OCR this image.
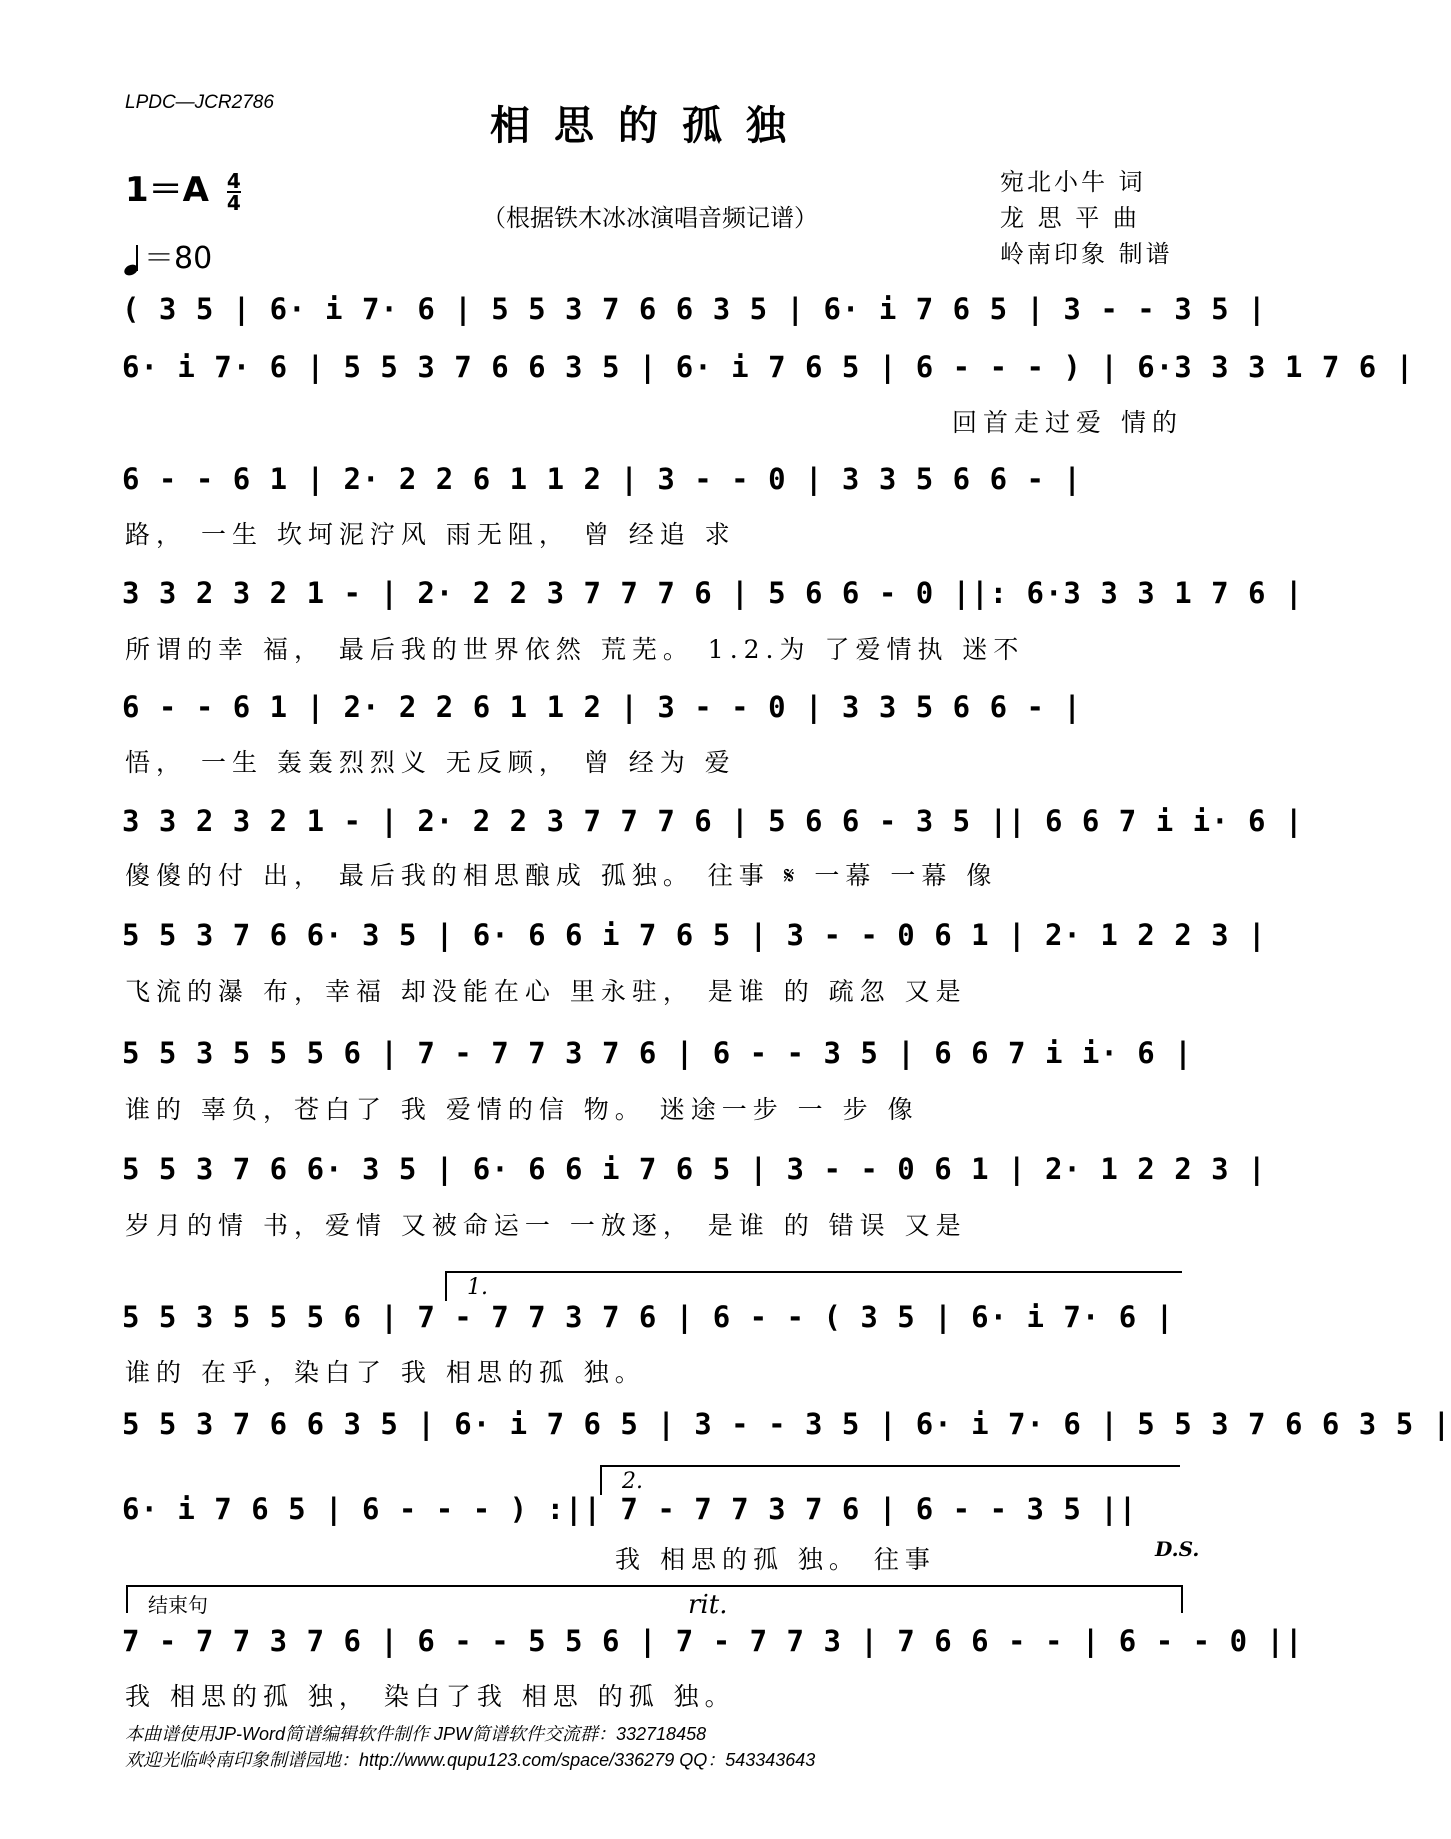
LPDC—JCR2786	相思的孤独
$1=A \frac{4}{4}$
＝80
（根据铁木冰冰演唱音频记谱）
宛北小牛 词
龙 思 平 曲
岭南印象 制谱
( 3 5 | 6· i 7· 6 | 5 5 3 7 6 6 3 5 | 6· i 7 6 5 | 3 - - 3 5 |
6· i 7· 6 | 5 5 3 7 6 6 3 5 | 6· i 7 6 5 | 6 - - - ) | 6·3 3 3 1 7 6 |
回首走过爱 情的
6 - - 6 1 | 2· 2 2 6 1 1 2 | 3 - - 0 | 3 3 5 6 6 - |
路， 一生 坎坷泥泞风 雨无阻， 曾 经追 求
3 3 2 3 2 1 - | 2· 2 2 3 7 7 7 6 | 5 6 6 - 0 ||: 6·3 3 3 1 7 6 |
所谓的幸 福， 最后我的世界依然 荒芜。 1.2.为 了爱情执 迷不
6 - - 6 1 | 2· 2 2 6 1 1 2 | 3 - - 0 | 3 3 5 6 6 - |
悟， 一生 轰轰烈烈义 无反顾， 曾 经为 爱
3 3 2 3 2 1 - | 2· 2 2 3 7 7 7 6 | 5 6 6 - 3 5 || 6 6 7 i i· 6 |
傻傻的付 出， 最后我的相思酿成 孤独。 往事 𝄋 一幕 一幕 像
5 5 3 7 6 6· 3 5 | 6· 6 6 i 7 6 5 | 3 - - 0 6 1 | 2· 1 2 2 3 |
飞流的瀑 布，幸福 却没能在心 里永驻， 是谁 的 疏忽 又是
5 5 3 5 5 5 6 | 7 - 7 7 3 7 6 | 6 - - 3 5 | 6 6 7 i i· 6 |
谁的 辜负，苍白了 我 爱情的信 物。 迷途一步 一 步 像
5 5 3 7 6 6· 3 5 | 6· 6 6 i 7 6 5 | 3 - - 0 6 1 | 2· 1 2 2 3 |
岁月的情 书，爱情 又被命运一 一放逐， 是谁 的 错误 又是
1.
5 5 3 5 5 5 6 | 7 - 7 7 3 7 6 | 6 - - ( 3 5 | 6· i 7· 6 |
谁的 在乎，染白了 我 相思的孤 独。
5 5 3 7 6 6 3 5 | 6· i 7 6 5 | 3 - - 3 5 | 6· i 7· 6 | 5 5 3 7 6 6 3 5 |
2.
6· i 7 6 5 | 6 - - - ) :|| 7 - 7 7 3 7 6 | 6 - - 3 5 ||
我 相思的孤 独。 往事	D.S.
结束句	rit.
7 - 7 7 3 7 6 | 6 - - 5 5 6 | 7 - 7 7 3 | 7 6 6 - - | 6 - - 0 ||
我 相思的孤 独， 染白了我 相思 的孤 独。
本曲谱使用JP-Word简谱编辑软件制作 JPW简谱软件交流群：332718458
欢迎光临岭南印象制谱园地：http://www.qupu123.com/space/336279 QQ：543343643
